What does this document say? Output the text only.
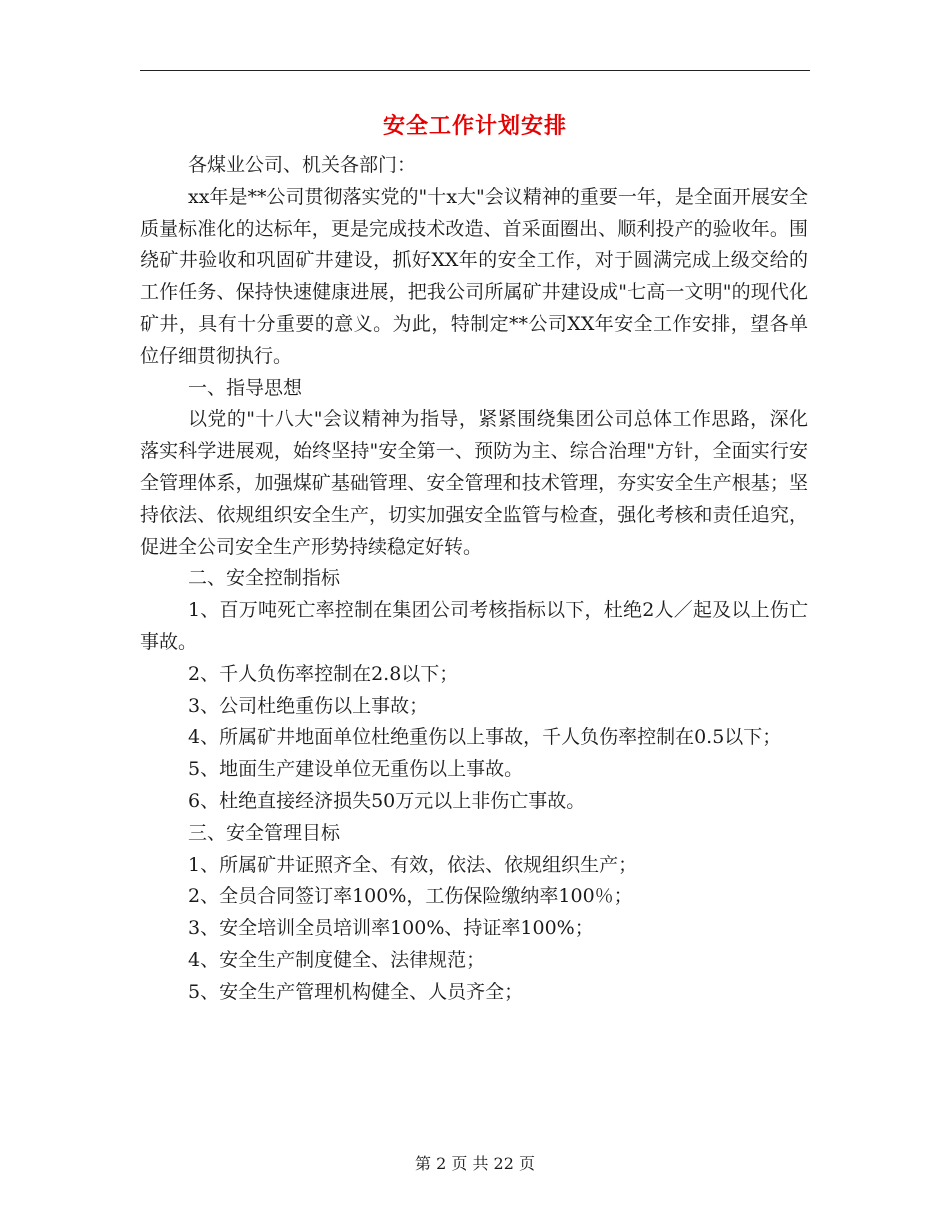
安全工作计划安排

各煤业公司、机关各部门：

xx年是**公司贯彻落实党的"十x大"会议精神的重要一年，是全面开展安全质量标准化的达标年，更是完成技术改造、首采面圈出、顺利投产的验收年。围绕矿井验收和巩固矿井建设，抓好XX年的安全工作，对于圆满完成上级交给的工作任务、保持快速健康进展，把我公司所属矿井建设成"七高一文明"的现代化矿井，具有十分重要的意义。为此，特制定**公司XX年安全工作安排，望各单位仔细贯彻执行。

一、指导思想

以党的"十八大"会议精神为指导，紧紧围绕集团公司总体工作思路，深化落实科学进展观，始终坚持"安全第一、预防为主、综合治理"方针，全面实行安全管理体系，加强煤矿基础管理、安全管理和技术管理，夯实安全生产根基；坚持依法、依规组织安全生产，切实加强安全监管与检查，强化考核和责任追究，促进全公司安全生产形势持续稳定好转。

二、安全控制指标

1、百万吨死亡率控制在集团公司考核指标以下，杜绝2人／起及以上伤亡事故。

2、千人负伤率控制在2.8以下；

3、公司杜绝重伤以上事故；

4、所属矿井地面单位杜绝重伤以上事故，千人负伤率控制在0.5以下；

5、地面生产建设单位无重伤以上事故。

6、杜绝直接经济损失50万元以上非伤亡事故。

三、安全管理目标

1、所属矿井证照齐全、有效，依法、依规组织生产；

2、全员合同签订率100%，工伤保险缴纳率100％；

3、安全培训全员培训率100%、持证率100%；

4、安全生产制度健全、法律规范；

5、安全生产管理机构健全、人员齐全；

第 2 页 共 22 页
